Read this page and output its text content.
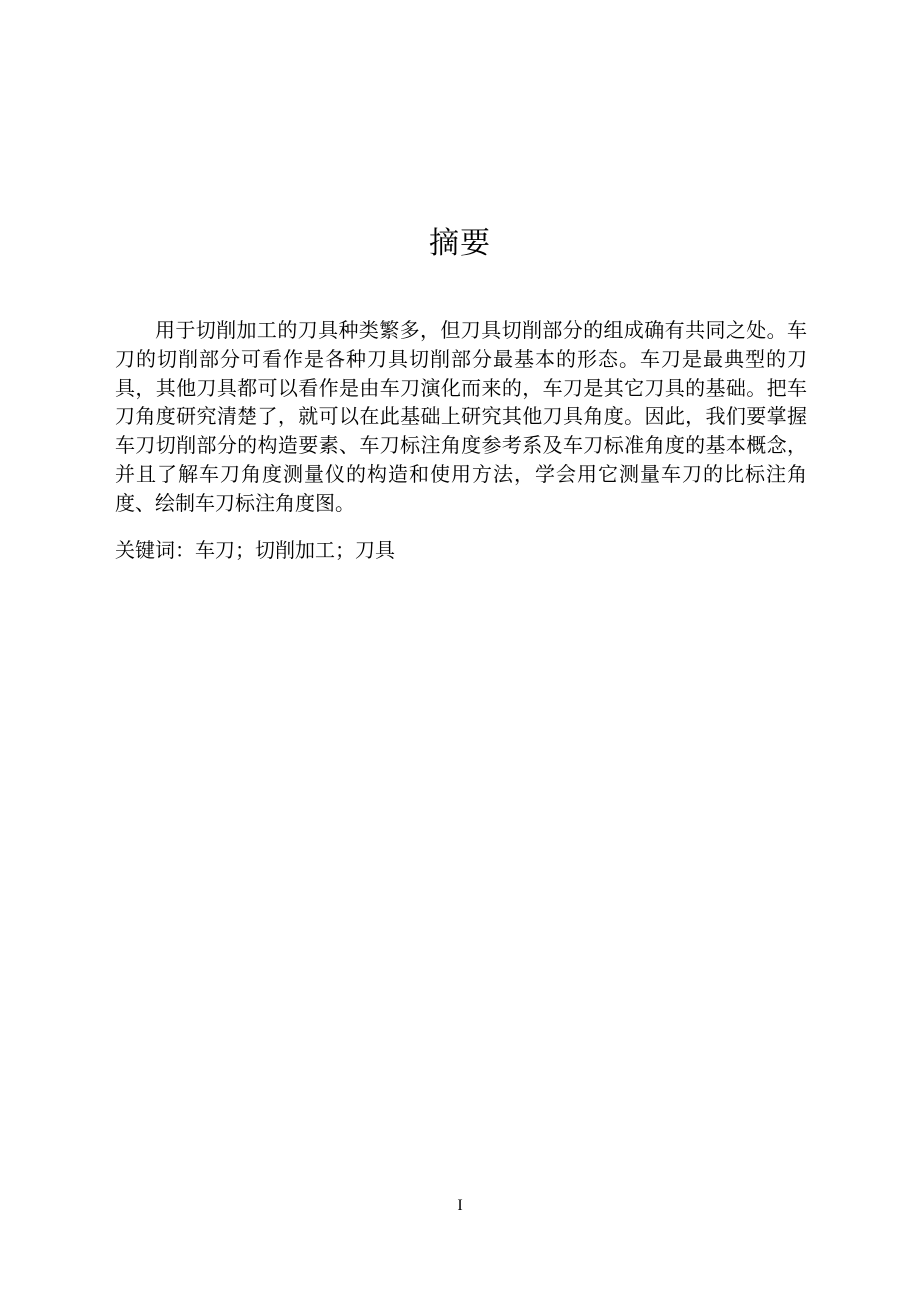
摘要

用于切削加工的刀具种类繁多，但刀具切削部分的组成确有共同之处。车刀的切削部分可看作是各种刀具切削部分最基本的形态。车刀是最典型的刀具，其他刀具都可以看作是由车刀演化而来的，车刀是其它刀具的基础。把车刀角度研究清楚了，就可以在此基础上研究其他刀具角度。因此，我们要掌握车刀切削部分的构造要素、车刀标注角度参考系及车刀标准角度的基本概念，并且了解车刀角度测量仪的构造和使用方法，学会用它测量车刀的比标注角度、绘制车刀标注角度图。

关键词：车刀；切削加工；刀具

I
